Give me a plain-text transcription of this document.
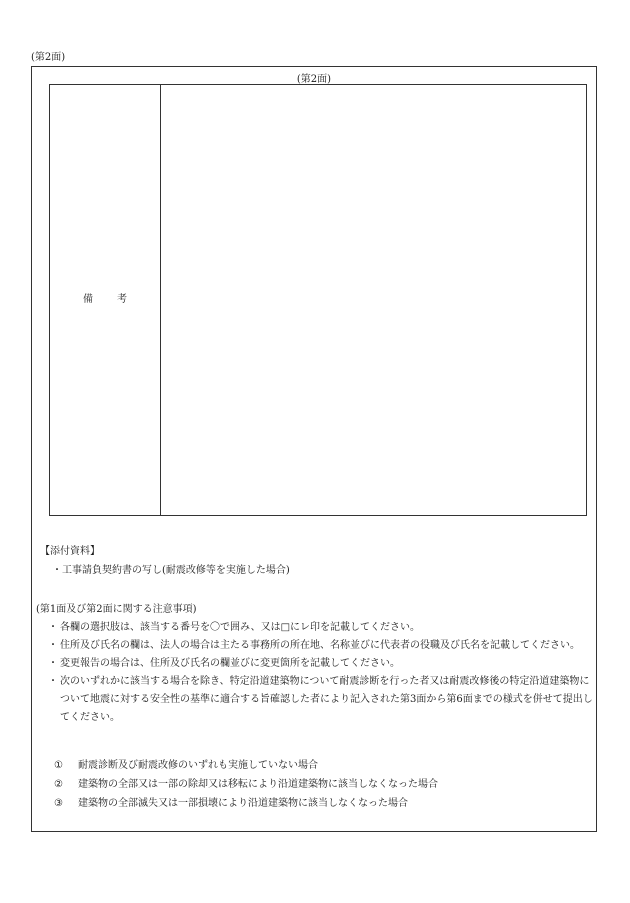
(第2面)
(第2面)
備考
【添付資料】
・工事請負契約書の写し(耐震改修等を実施した場合)
(第1面及び第2面に関する注意事項)
・ 各欄の選択肢は、該当する番号を〇で囲み、又は□にレ印を記載してください。
・ 住所及び氏名の欄は、法人の場合は主たる事務所の所在地、名称並びに代表者の役職及び氏名を記載してください。
・ 変更報告の場合は、住所及び氏名の欄並びに変更箇所を記載してください。
・ 次のいずれかに該当する場合を除き、特定沿道建築物について耐震診断を行った者又は耐震改修後の特定沿道建築物について地震に対する安全性の基準に適合する旨確認した者により記入された第3面から第6面までの様式を併せて提出してください。
① 耐震診断及び耐震改修のいずれも実施していない場合
② 建築物の全部又は一部の除却又は移転により沿道建築物に該当しなくなった場合
③ 建築物の全部滅失又は一部損壊により沿道建築物に該当しなくなった場合
